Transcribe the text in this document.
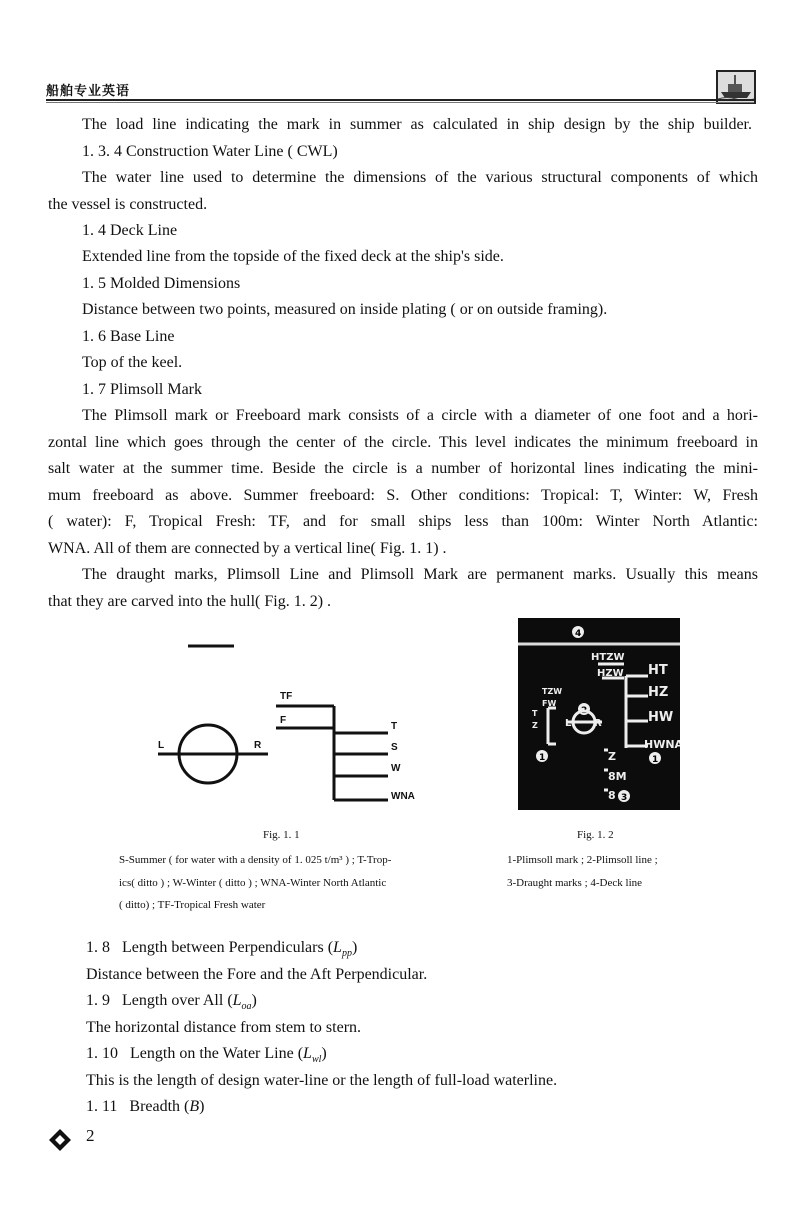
船舶专业英语
The load line indicating the mark in summer as calculated in ship design by the ship builder.
1. 3. 4 Construction Water Line ( CWL)
The water line used to determine the dimensions of the various structural components of which
the vessel is constructed.
1. 4 Deck Line
Extended line from the topside of the fixed deck at the ship's side.
1. 5 Molded Dimensions
Distance between two points, measured on inside plating ( or on outside framing).
1. 6 Base Line
Top of the keel.
1. 7 Plimsoll Mark
The Plimsoll mark or Freeboard mark consists of a circle with a diameter of one foot and a hori-
zontal line which goes through the center of the circle. This level indicates the minimum freeboard in
salt water at the summer time. Beside the circle is a number of horizontal lines indicating the mini-
mum freeboard as above. Summer freeboard: S. Other conditions: Tropical: T, Winter: W, Fresh
( water): F, Tropical Fresh: TF, and for small ships less than 100m: Winter North Atlantic:
WNA. All of them are connected by a vertical line( Fig. 1. 1) .
The draught marks, Plimsoll Line and Plimsoll Mark are permanent marks. Usually this means
that they are carved into the hull( Fig. 1. 2) .
TF
F
T
S
W
WNA
L	R
Fig. 1. 1
S-Summer ( for water with a density of 1. 025 t/m³ ) ; T-Trop-
ics( ditto ) ; W-Winter ( ditto ) ; WNA-Winter North Atlantic
( ditto) ; TF-Tropical Fresh water
4
HTZW
HZW HT
HZ
HW
HWNA
TZW
FW
T
Z	L R
Z
8M
8
2
1	1
3
Fig. 1. 2
1-Plimsoll mark ; 2-Plimsoll line ;
3-Draught marks ; 4-Deck line
1. 8 Length between Perpendiculars $(L_{pp})$
Distance between the Fore and the Aft Perpendicular.
1. 9 Length over All $(L_{oa})$
The horizontal distance from stem to stern.
1. 10 Length on the Water Line $(L_{wl})$
This is the length of design water-line or the length of full-load waterline.
1. 11 Breadth (B)
2
